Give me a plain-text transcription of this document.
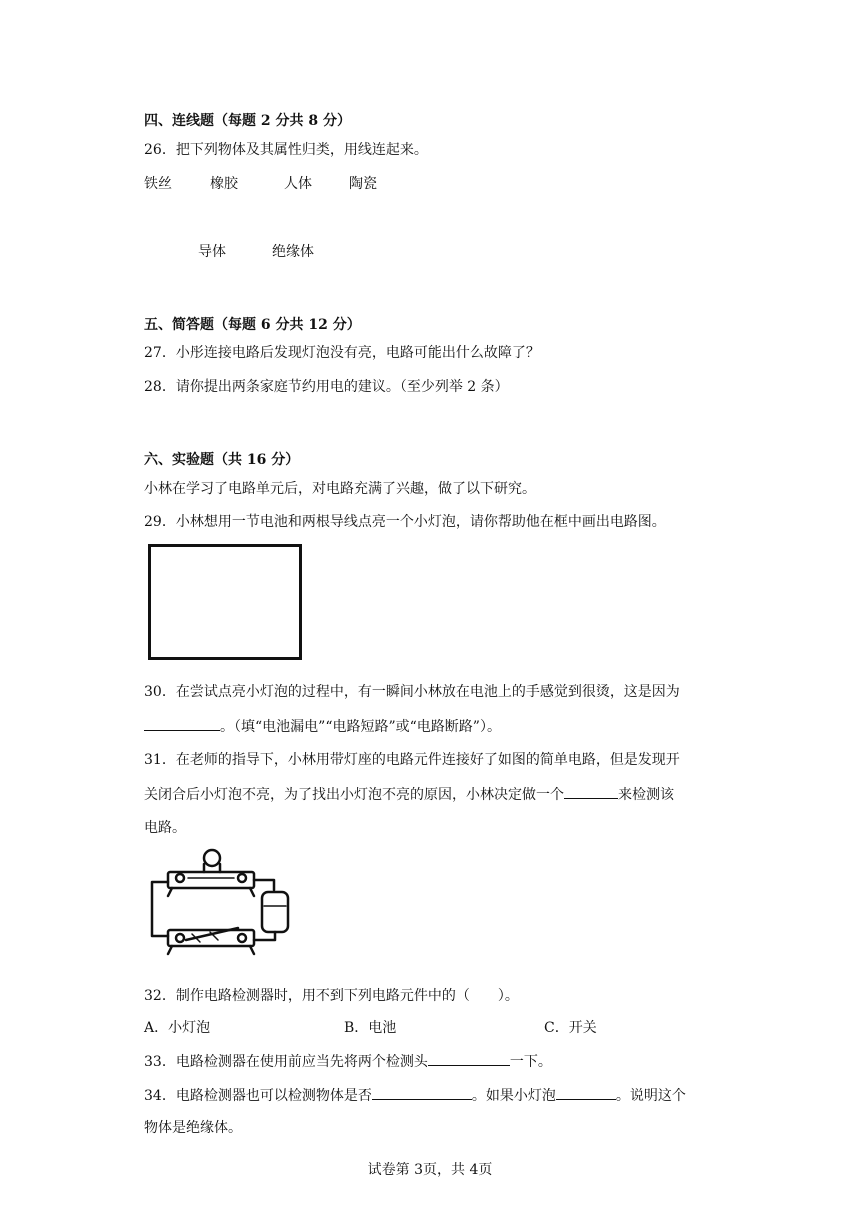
四、连线题（每题 2 分共 8 分）
26．把下列物体及其属性归类，用线连起来。
铁丝	橡胶	人体	陶瓷
导体	绝缘体
五、简答题（每题 6 分共 12 分）
27．小彤连接电路后发现灯泡没有亮，电路可能出什么故障了？
28．请你提出两条家庭节约用电的建议。（至少列举 2 条）
六、实验题（共 16 分）
小林在学习了电路单元后，对电路充满了兴趣，做了以下研究。
29．小林想用一节电池和两根导线点亮一个小灯泡，请你帮助他在框中画出电路图。
30．在尝试点亮小灯泡的过程中，有一瞬间小林放在电池上的手感觉到很烫，这是因为
。（填“电池漏电”“电路短路”或“电路断路”）。
31．在老师的指导下，小林用带灯座的电路元件连接好了如图的简单电路，但是发现开
关闭合后小灯泡不亮，为了找出小灯泡不亮的原因，小林决定做一个	来检测该
电路。
32．制作电路检测器时，用不到下列电路元件中的（　　）。
A．小灯泡	B．电池	C．开关
33．电路检测器在使用前应当先将两个检测头	一下。
34．电路检测器也可以检测物体是否	。如果小灯泡	。说明这个
物体是绝缘体。
试卷第 3页，共 4页
